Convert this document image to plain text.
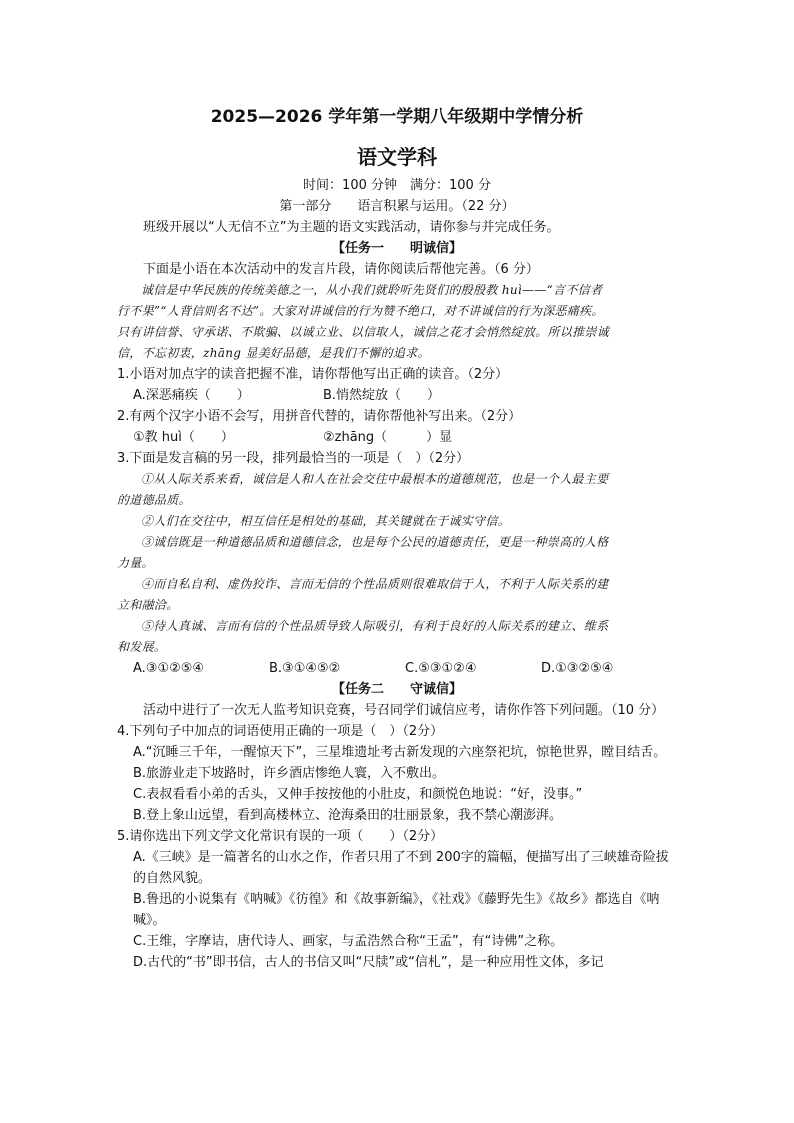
2025—2026 学年第一学期八年级期中学情分析

语文学科

时间：100 分钟　满分：100 分

第一部分　　语言积累与运用。（22 分）

班级开展以“人无信不立”为主题的语文实践活动，请你参与并完成任务。

【任务一　　明诚信】

下面是小语在本次活动中的发言片段，请你阅读后帮他完善。（6 分）

诚信是中华民族的传统美德之一，从小我们就聆听先贤们的殷殷教 huì——“言不信者

行不果”“人背信则名不达”。大家对讲诚信的行为赞不绝口，对不讲诚信的行为深恶痛疾。

只有讲信誉、守承诺、不欺骗、以诚立业、以信取人，诚信之花才会悄然绽放。所以推崇诚

信，不忘初衷，zhāng 显美好品德，是我们不懈的追求。

1.小语对加点字的读音把握不准，请你帮他写出正确的读音。（2分）

A.深恶痛疾（　　）	B.悄然绽放（　　）

2.有两个汉字小语不会写，用拼音代替的，请你帮他补写出来。（2分）

①教 huì（　　）	②zhāng（　　　）显

3.下面是发言稿的另一段，排列最恰当的一项是（　）（2分）

①从人际关系来看，诚信是人和人在社会交往中最根本的道德规范，也是一个人最主要

的道德品质。

②人们在交往中，相互信任是相处的基础，其关键就在于诚实守信。

③诚信既是一种道德品质和道德信念，也是每个公民的道德责任，更是一种崇高的人格

力量。

④而自私自利、虚伪狡诈、言而无信的个性品质则很难取信于人，不利于人际关系的建

立和融洽。

⑤待人真诚、言而有信的个性品质导致人际吸引，有利于良好的人际关系的建立、维系

和发展。

A.③①②⑤④	B.③①④⑤②	C.⑤③①②④	D.①③②⑤④

【任务二　　守诚信】

活动中进行了一次无人监考知识竞赛，号召同学们诚信应考，请你作答下列问题。（10 分）

4.下列句子中加点的词语使用正确的一项是（　）（2分）

A.“沉睡三千年，一醒惊天下”，三星堆遗址考古新发现的六座祭祀坑，惊艳世界，瞠目结舌。

B.旅游业走下坡路时，许乡酒店惨绝人寰，入不敷出。

C.表叔看看小弟的舌头，又伸手按按他的小肚皮，和颜悦色地说：“好，没事。”

B.登上象山远望，看到高楼林立、沧海桑田的壮丽景象，我不禁心潮澎湃。

5.请你选出下列文学文化常识有误的一项（　　）（2分）

A.《三峡》是一篇著名的山水之作，作者只用了不到 200字的篇幅，便描写出了三峡雄奇险拔的自然风貌。

B.鲁迅的小说集有《呐喊》《彷徨》和《故事新编》，《社戏》《藤野先生》《故乡》都选自《呐喊》。

C.王维，字摩诘，唐代诗人、画家，与孟浩然合称“王孟”，有“诗佛”之称。

D.古代的“书”即书信，古人的书信又叫“尺牍”或“信札”，是一种应用性文体，多记
